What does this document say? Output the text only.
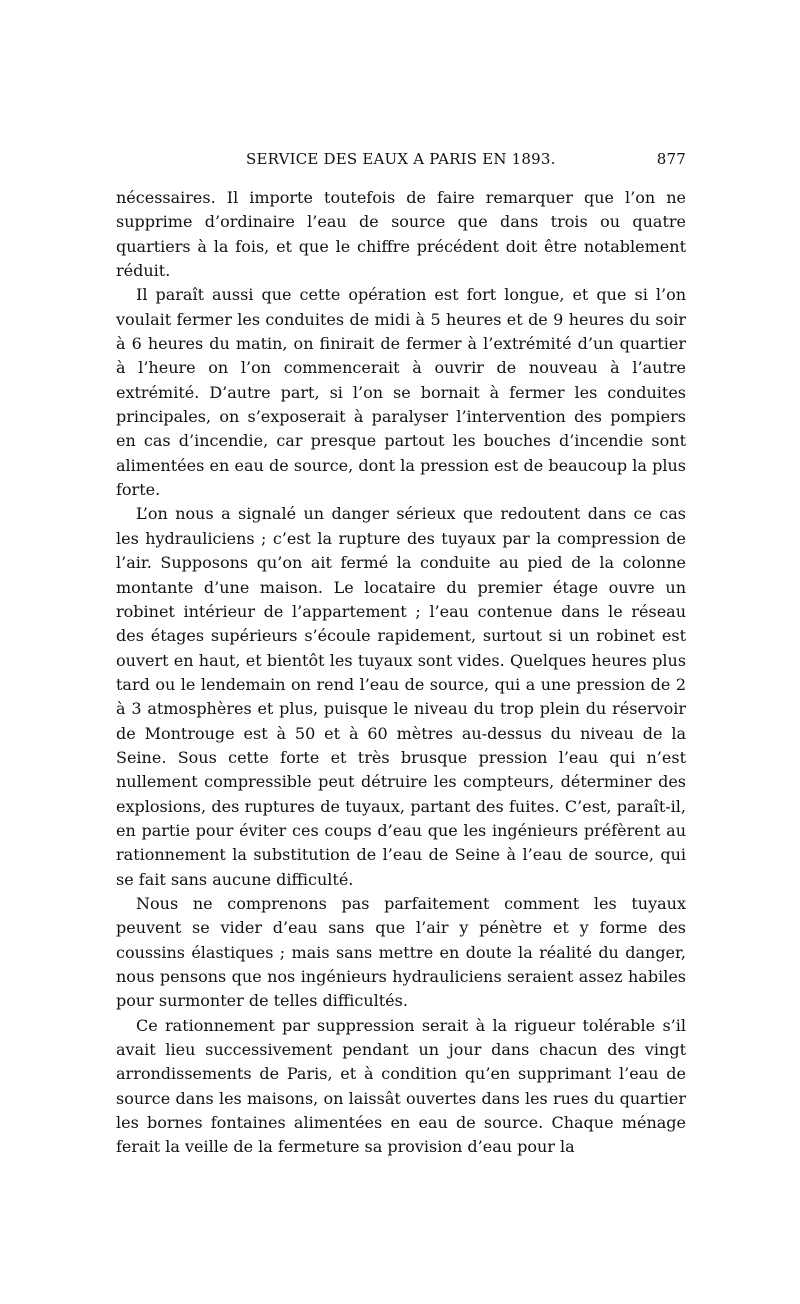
SERVICE DES EAUX A PARIS EN 1893.	877

nécessaires. Il importe toutefois de faire remarquer que l’on ne supprime d’ordinaire l’eau de source que dans trois ou quatre quartiers à la fois, et que le chiffre précédent doit être notablement réduit.

Il paraît aussi que cette opération est fort longue, et que si l’on voulait fermer les conduites de midi à 5 heures et de 9 heures du soir à 6 heures du matin, on finirait de fermer à l’extrémité d’un quartier à l’heure on l’on commencerait à ouvrir de nouveau à l’autre extrémité. D’autre part, si l’on se bornait à fermer les conduites principales, on s’exposerait à paralyser l’intervention des pompiers en cas d’incendie, car presque partout les bouches d’incendie sont alimentées en eau de source, dont la pression est de beaucoup la plus forte.

L’on nous a signalé un danger sérieux que redoutent dans ce cas les hydrauliciens ; c’est la rupture des tuyaux par la compression de l’air. Supposons qu’on ait fermé la conduite au pied de la colonne montante d’une maison. Le locataire du premier étage ouvre un robinet intérieur de l’appartement ; l’eau contenue dans le réseau des étages supérieurs s’écoule rapidement, surtout si un robinet est ouvert en haut, et bientôt les tuyaux sont vides. Quelques heures plus tard ou le lendemain on rend l’eau de source, qui a une pression de 2 à 3 atmosphères et plus, puisque le niveau du trop plein du réservoir de Montrouge est à 50 et à 60 mètres au-dessus du niveau de la Seine. Sous cette forte et très brusque pression l’eau qui n’est nullement compressible peut détruire les compteurs, déterminer des explosions, des ruptures de tuyaux, partant des fuites. C’est, paraît-il, en partie pour éviter ces coups d’eau que les ingénieurs préfèrent au rationnement la substitution de l’eau de Seine à l’eau de source, qui se fait sans aucune difficulté.

Nous ne comprenons pas parfaitement comment les tuyaux peuvent se vider d’eau sans que l’air y pénètre et y forme des coussins élastiques ; mais sans mettre en doute la réalité du danger, nous pensons que nos ingénieurs hydrauliciens seraient assez habiles pour surmonter de telles difficultés.

Ce rationnement par suppression serait à la rigueur tolérable s’il avait lieu successivement pendant un jour dans chacun des vingt arrondissements de Paris, et à condition qu’en supprimant l’eau de source dans les maisons, on laissât ouvertes dans les rues du quartier les bornes fontaines alimentées en eau de source. Chaque ménage ferait la veille de la fermeture sa provision d’eau pour la
